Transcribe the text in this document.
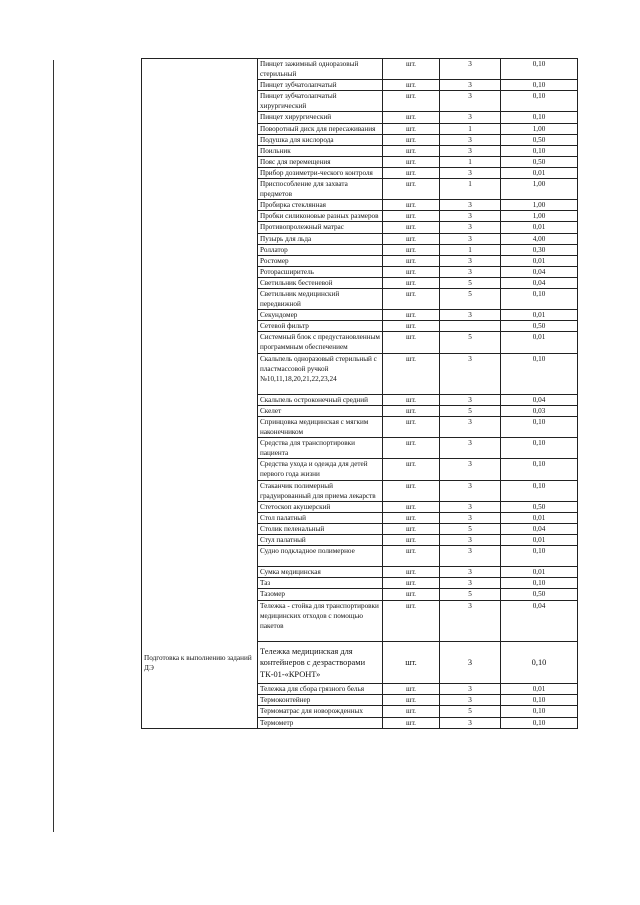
Подготовка к выполнению заданий ДЭ	Пинцет зажимный одноразовый стерильный	шт.	3	0,10
	Пинцет зубчатолапчатый	шт.	3	0,10
	Пинцет зубчатолапчатый хирургический	шт.	3	0,10
	Пинцет хирургический	шт.	3	0,10
	Поворотный диск для пересаживания	шт.	1	1,00
	Подушка для кислорода	шт.	3	0,50
	Поильник	шт.	3	0,10
	Пояс для перемещения	шт.	1	0,50
	Прибор дозиметри-ческого контроля	шт.	3	0,01
	Приспособление для захвата предметов	шт.	1	1,00
	Пробирка стеклянная	шт.	3	1,00
	Пробки силиконовые разных размеров	шт.	3	1,00
	Противопролежный матрас	шт.	3	0,01
	Пузырь для льда	шт.	3	4,00
	Роллатор	шт.	1	0,30
	Ростомер	шт.	3	0,01
	Роторасширитель	шт.	3	0,04
	Светильник бестеневой	шт.	5	0,04
	Светильник медицинский передвижной	шт.	5	0,10
	Секундомер	шт.	3	0,01
	Сетевой фильтр	шт.		0,50
	Системный блок с предустановленным программным обеспечением	шт.	5	0,01
	Скальпель одноразовый стерильный с пластмассовой ручкой №10,11,18,20,21,22,23,24	шт.	3	0,10
	Скальпель остроконечный средний	шт.	3	0,04
	Скелет	шт.	5	0,03
	Спринцовка медицинская с мягким наконечником	шт.	3	0,10
	Средства для транспортировки пациента	шт.	3	0,10
	Средства ухода и одежда для детей первого года жизни	шт.	3	0,10
	Стаканчик полимерный градуированный для приема лекарств	шт.	3	0,10
	Стетоскоп акушерский	шт.	3	0,50
	Стол палатный	шт.	3	0,01
	Столик пеленальный	шт.	5	0,04
	Стул палатный	шт.	3	0,01
	Судно подкладное полимерное	шт.	3	0,10
	Сумка медицинская	шт.	3	0,01
	Таз	шт.	3	0,10
	Тазомер	шт.	5	0,50
	Тележка - стойка для транспортировки медицинских отходов с помощью пакетов	шт.	3	0,04
	Тележка медицинская для контейнеров с дезрастворами ТК-01-«КРОНТ»	шт.	3	0,10
	Тележка для сбора грязного белья	шт.	3	0,01
	Термоконтейнер	шт.	3	0,10
	Термоматрас для новорожденных	шт.	5	0,10
	Термометр	шт.	3	0,10
